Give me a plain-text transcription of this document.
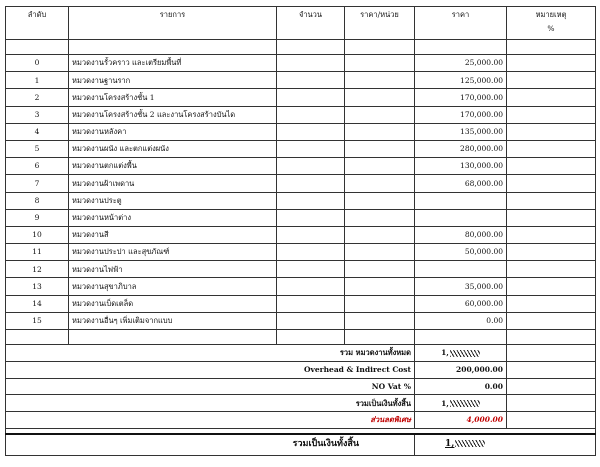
ลำดับ	รายการ	จำนวน	ราคา/หน่วย	ราคา	หมายเหตุ
%

0	หมวดงานรั้วคราว และเตรียมพื้นที่			25,000.00	
1	หมวดงานฐานราก			125,000.00	
2	หมวดงานโครงสร้างชั้น 1			170,000.00	
3	หมวดงานโครงสร้างชั้น 2 และงานโครงสร้างบันได			170,000.00	
4	หมวดงานหลังคา			135,000.00	
5	หมวดงานผนัง และตกแต่งผนัง			280,000.00	
6	หมวดงานตกแต่งพื้น			130,000.00	
7	หมวดงานฝ้าเพดาน			68,000.00	
8	หมวดงานประตู				
9	หมวดงานหน้าต่าง				
10	หมวดงานสี			80,000.00	
11	หมวดงานประปา และสุขภัณฑ์			50,000.00	
12	หมวดงานไฟฟ้า				
13	หมวดงานสุขาภิบาล			35,000.00	
14	หมวดงานเบ็ดเตล็ด			60,000.00	
15	หมวดงานอื่นๆ เพิ่มเติมจากแบบ			0.00	

รวม หมวดงานทั้งหมด				1,	
Overhead & Indirect Cost				200,000.00	
NO Vat %				0.00	
รวมเป็นเงินทั้งสิ้น				1,	
ส่วนลดพิเศษ				4,000.00	

รวมเป็นเงินทั้งสิ้น				1,	
